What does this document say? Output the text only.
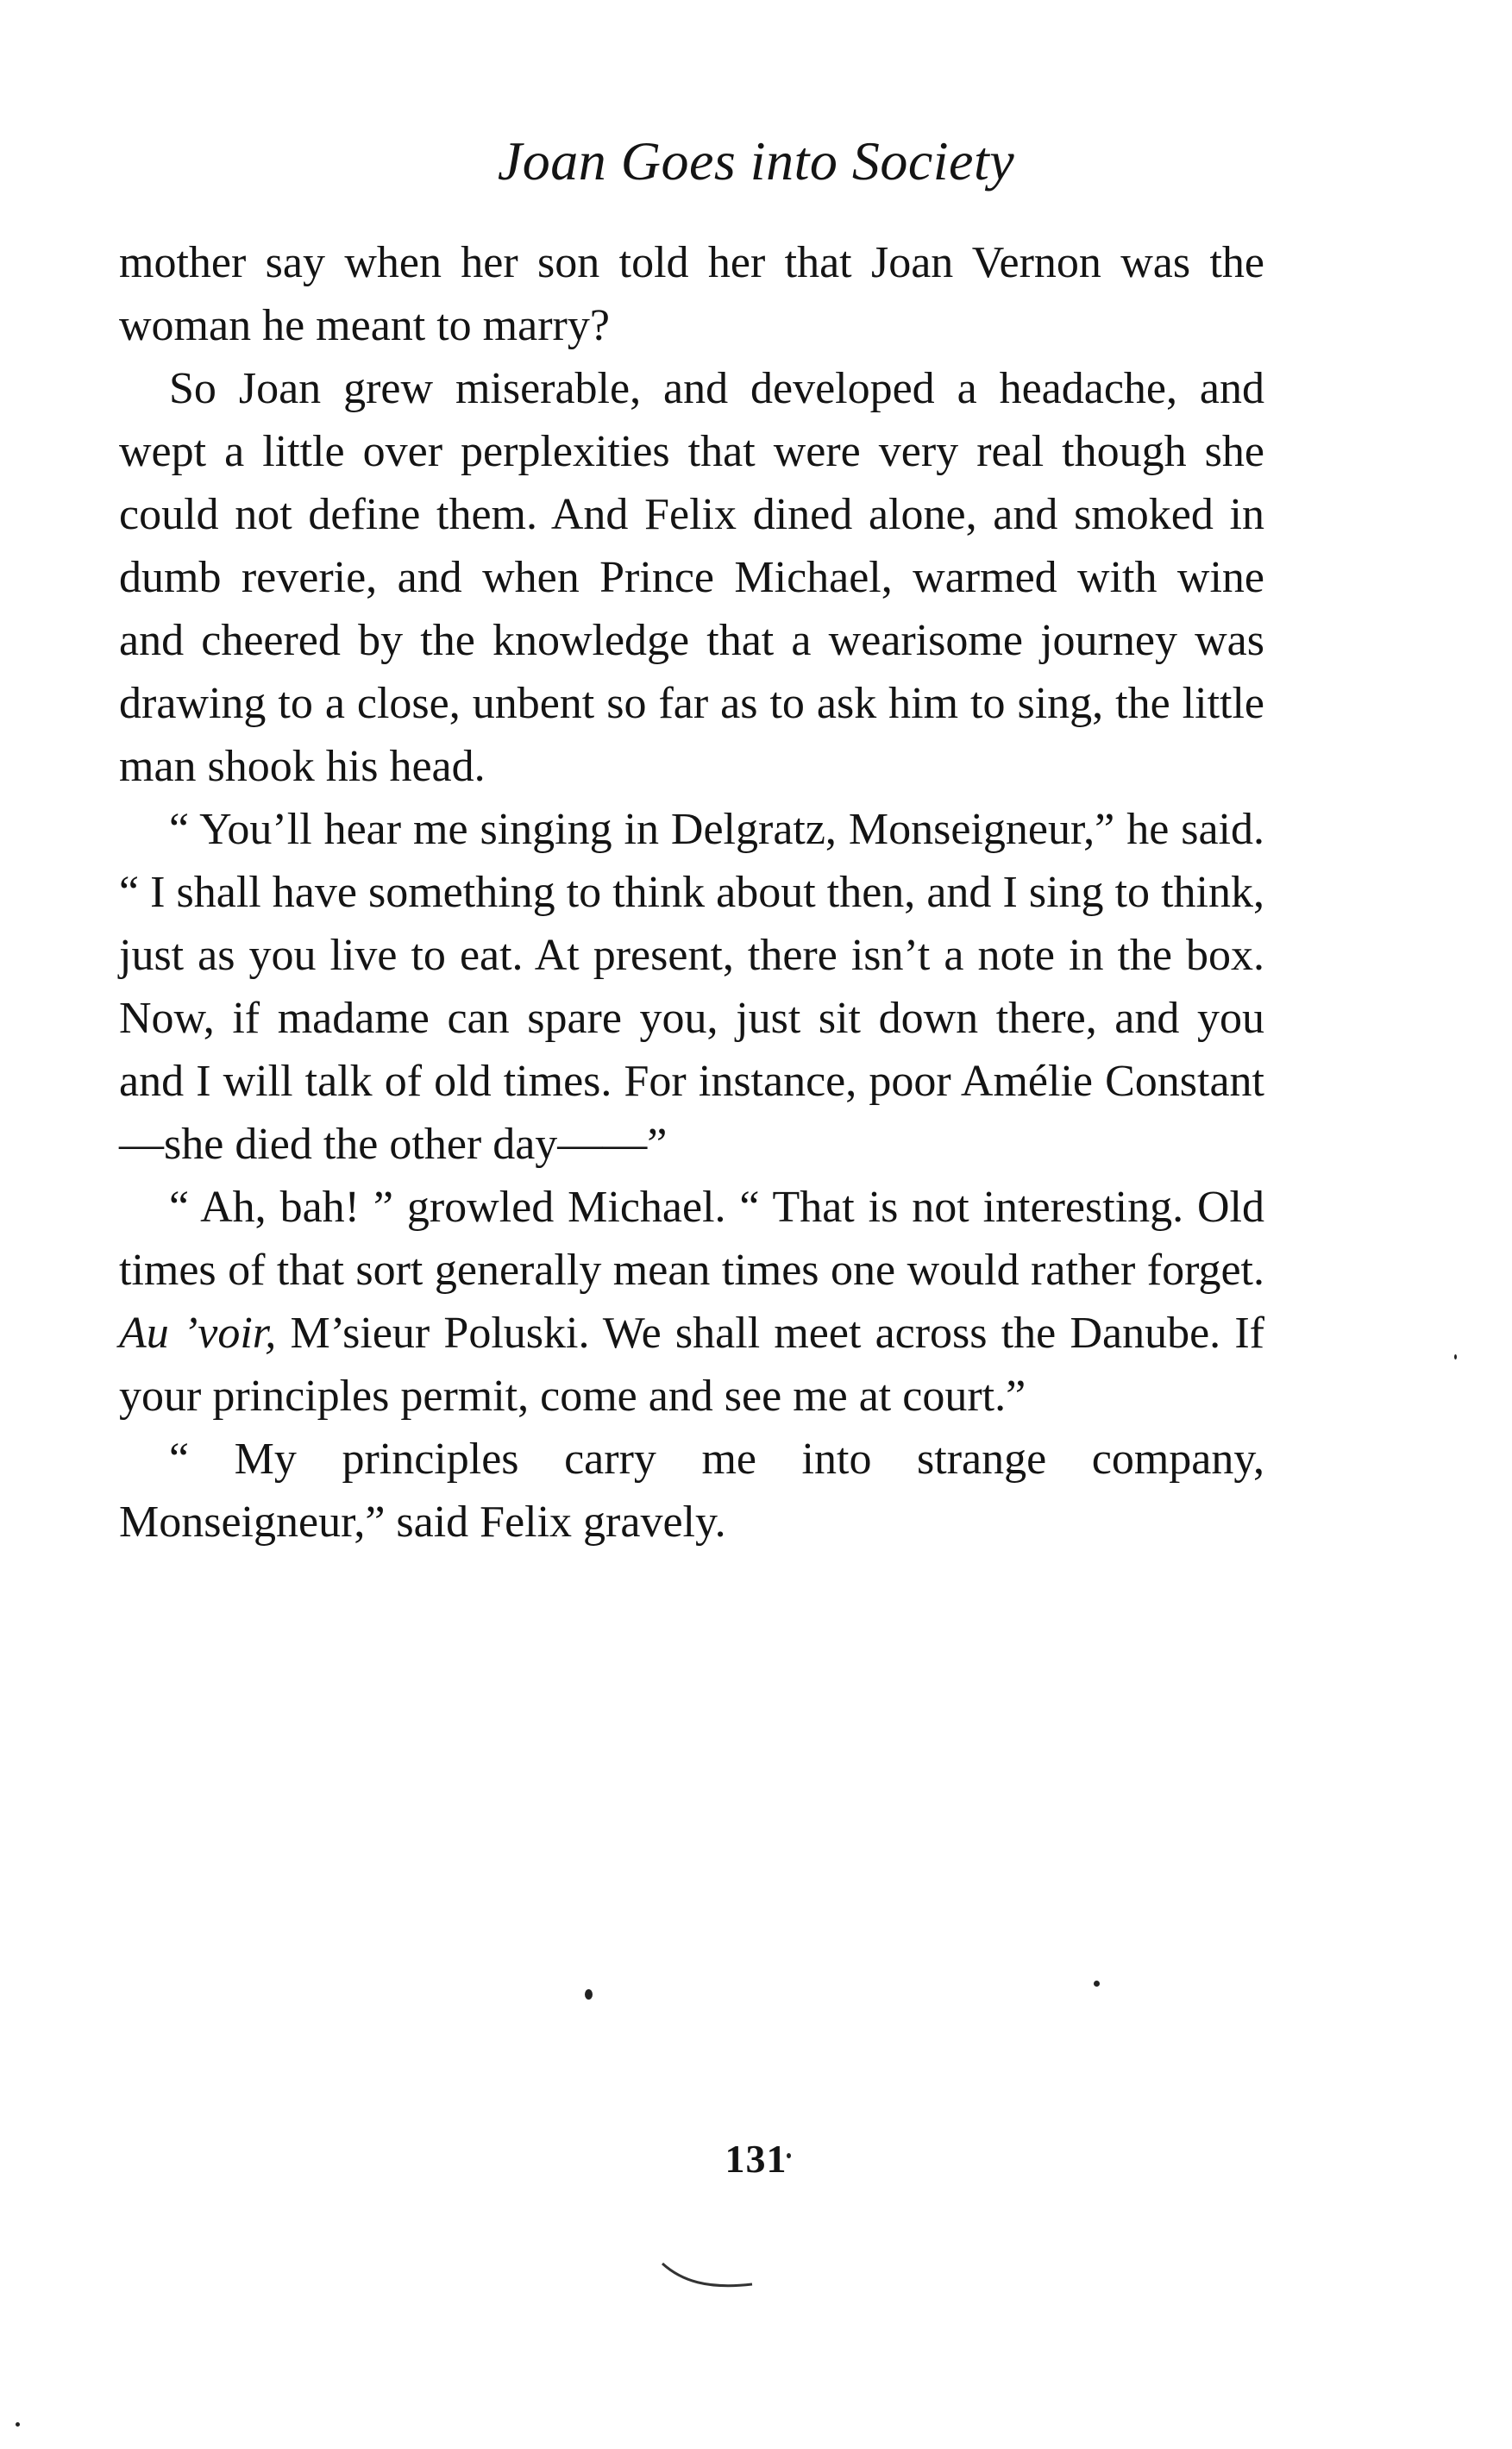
Joan Goes into Society

mother say when her son told her that Joan Vernon was the woman he meant to marry?

So Joan grew miserable, and developed a headache, and wept a little over perplexities that were very real though she could not define them. And Felix dined alone, and smoked in dumb reverie, and when Prince Michael, warmed with wine and cheered by the knowledge that a wearisome journey was drawing to a close, unbent so far as to ask him to sing, the little man shook his head.

“ You’ll hear me singing in Delgratz, Monseigneur,” he said. “ I shall have something to think about then, and I sing to think, just as you live to eat. At present, there isn’t a note in the box. Now, if madame can spare you, just sit down there, and you and I will talk of old times. For instance, poor Amélie Constant—she died the other day——”

“ Ah, bah! ” growled Michael. “ That is not interesting. Old times of that sort generally mean times one would rather forget. Au ’voir, M’sieur Poluski. We shall meet across the Danube. If your principles permit, come and see me at court.”

“ My principles carry me into strange company, Monseigneur,” said Felix gravely.

131
